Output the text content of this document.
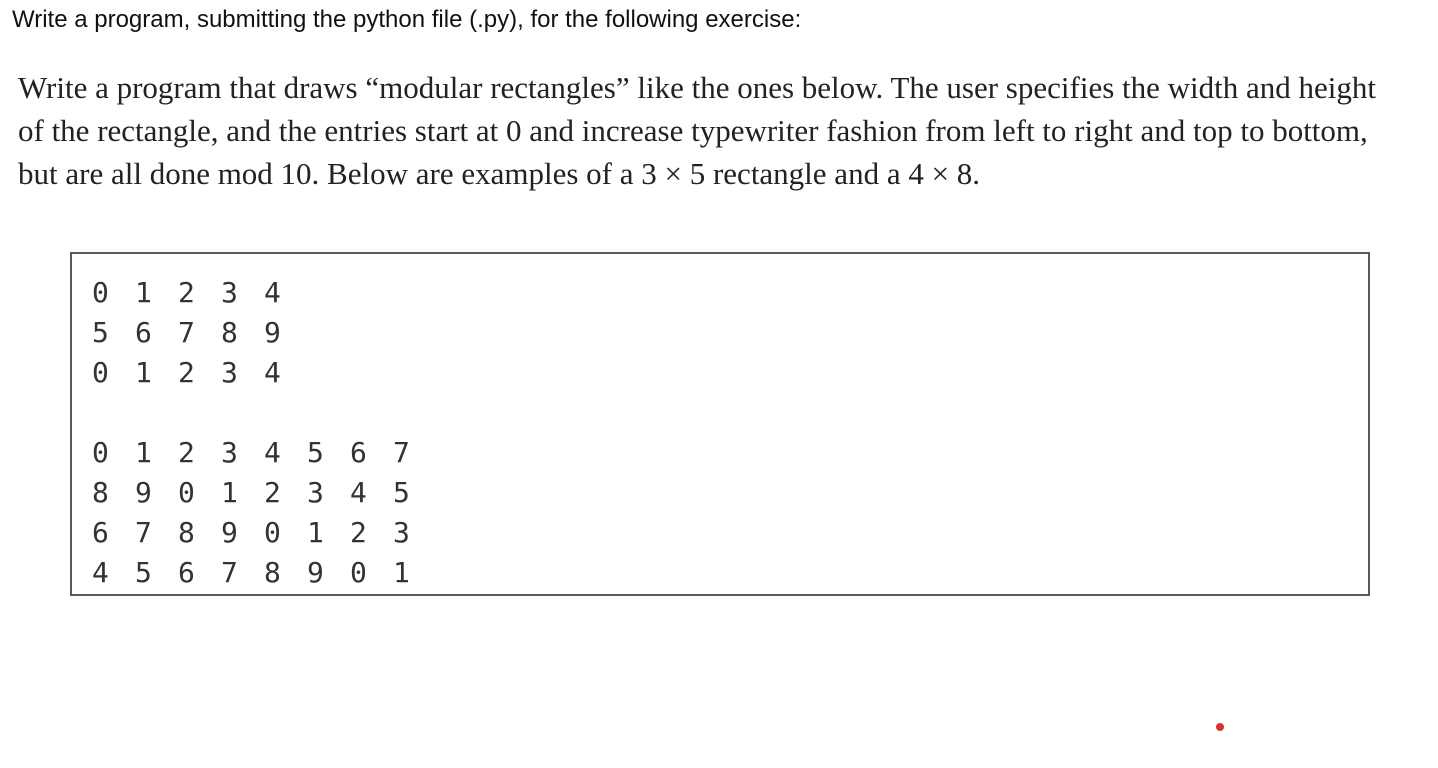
Write a program, submitting the python file (.py), for the following exercise:

Write a program that draws “modular rectangles” like the ones below. The user specifies the width and height of the rectangle, and the entries start at 0 and increase typewriter fashion from left to right and top to bottom, but are all done mod 10. Below are examples of a 3 × 5 rectangle and a 4 × 8.

0 1 2 3 4
5 6 7 8 9
0 1 2 3 4
0 1 2 3 4 5 6 7
8 9 0 1 2 3 4 5
6 7 8 9 0 1 2 3
4 5 6 7 8 9 0 1
